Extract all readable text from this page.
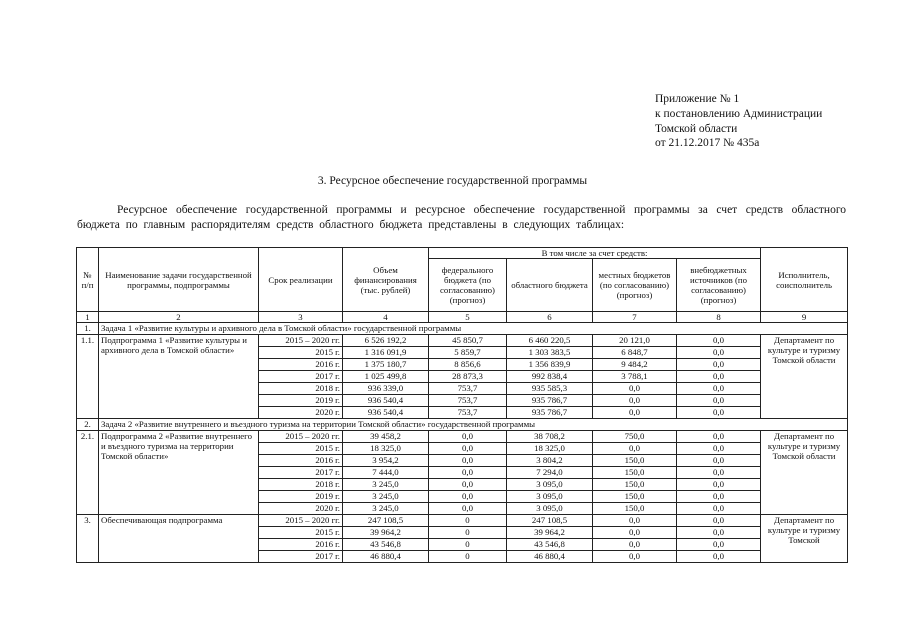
Приложение № 1
к постановлению Администрации
Томской области
от 21.12.2017 № 435а
3. Ресурсное обеспечение государственной программы
Ресурсное обеспечение государственной программы и ресурсное обеспечение государственной программы за счет средств областного бюджета по главным распорядителям средств областного бюджета представлены в следующих таблицах:
№ п/п	Наименование задачи государственной программы, подпрограммы	Срок реализации	Объем финансирования (тыс. рублей)	В том числе за счет средств:				Исполнитель, соисполнитель
				федерального бюджета (по согласованию) (прогноз)	областного бюджета	местных бюджетов (по согласованию) (прогноз)	внебюджетных источников (по согласованию) (прогноз)	
1	2	3	4	5	6	7	8	9
1.	Задача 1 «Развитие культуры и архивного дела в Томской области» государственной программы							
1.1.	Подпрограмма 1 «Развитие культуры и архивного дела в Томской области»	2015 – 2020 гг.	6 526 192,2	45 850,7	6 460 220,5	20 121,0	0,0	Департамент по культуре и туризму Томской области
		2015 г.	1 316 091,9	5 859,7	1 303 383,5	6 848,7	0,0	
		2016 г.	1 375 180,7	8 856,6	1 356 839,9	9 484,2	0,0	
		2017 г.	1 025 499,8	28 873,3	992 838,4	3 788,1	0,0	
		2018 г.	936 339,0	753,7	935 585,3	0,0	0,0	
		2019 г.	936 540,4	753,7	935 786,7	0,0	0,0	
		2020 г.	936 540,4	753,7	935 786,7	0,0	0,0	
2.	Задача 2 «Развитие внутреннего и въездного туризма на территории Томской области» государственной программы							
2.1.	Подпрограмма 2 «Развитие внутреннего и въездного туризма на территории Томской области»	2015 – 2020 гг.	39 458,2	0,0	38 708,2	750,0	0,0	Департамент по культуре и туризму Томской области
		2015 г.	18 325,0	0,0	18 325,0	0,0	0,0	
		2016 г.	3 954,2	0,0	3 804,2	150,0	0,0	
		2017 г.	7 444,0	0,0	7 294,0	150,0	0,0	
		2018 г.	3 245,0	0,0	3 095,0	150,0	0,0	
		2019 г.	3 245,0	0,0	3 095,0	150,0	0,0	
		2020 г.	3 245,0	0,0	3 095,0	150,0	0,0	
3.	Обеспечивающая подпрограмма	2015 – 2020 гг.	247 108,5	0	247 108,5	0,0	0,0	Департамент по культуре и туризму Томской
		2015 г.	39 964,2	0	39 964,2	0,0	0,0	
		2016 г.	43 546,8	0	43 546,8	0,0	0,0	
		2017 г.	46 880,4	0	46 880,4	0,0	0,0	
